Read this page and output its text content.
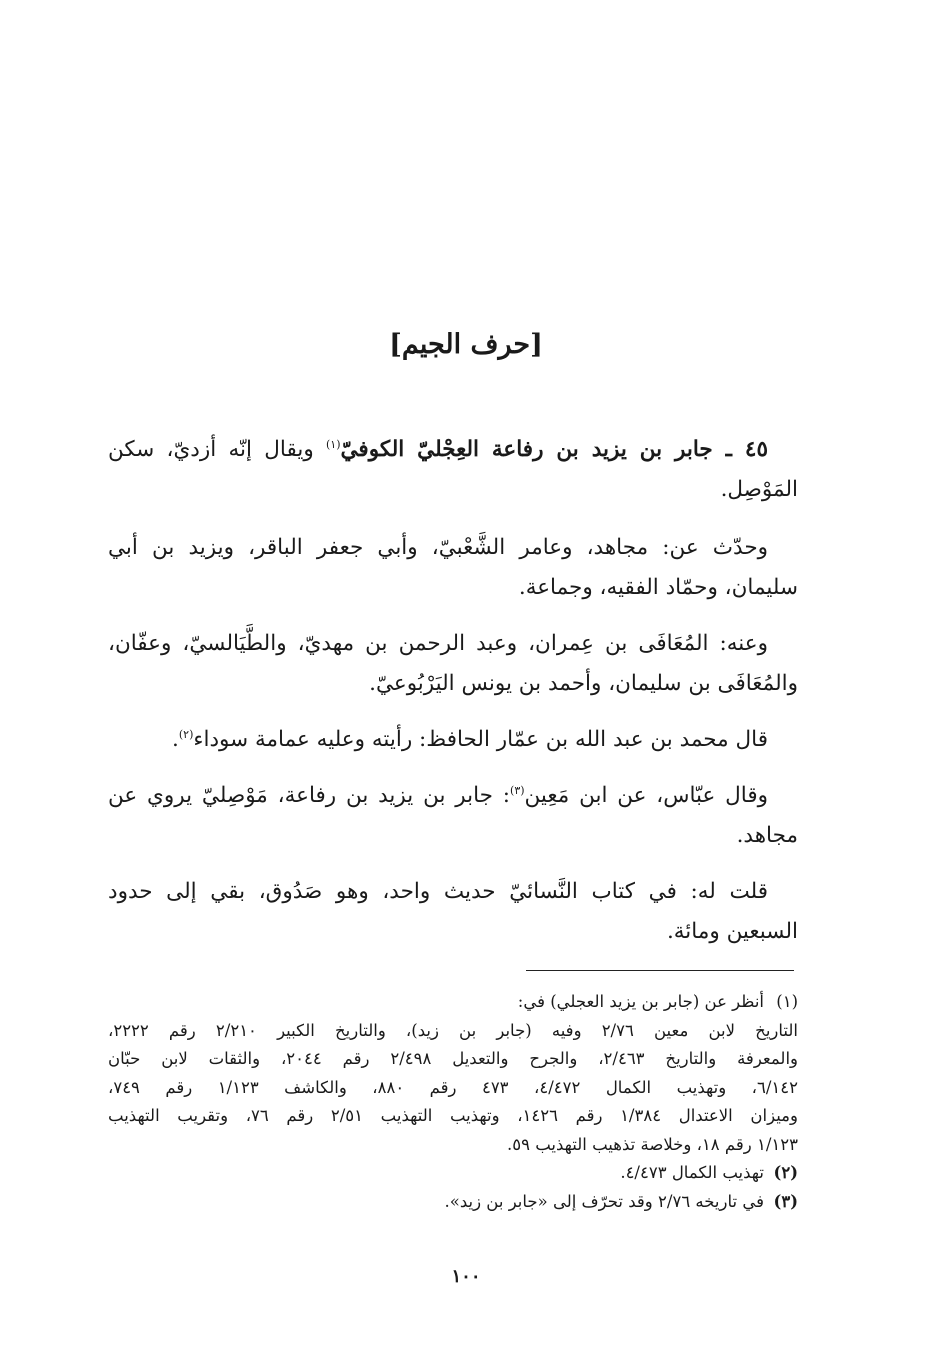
[حرف الجيم]

٤٥ ـ جابر بن يزيد بن رفاعة العِجْليّ الكوفيّ$^{(١)}$ ويقال إنّه أزديّ، سكن المَوْصِل.

وحدّث عن: مجاهد، وعامر الشَّعْبيّ، وأبي جعفر الباقر، ويزيد بن أبي سليمان، وحمّاد الفقيه، وجماعة.

وعنه: المُعَافَى بن عِمران، وعبد الرحمن بن مهديّ، والطَّيَالسيّ، وعفّان، والمُعَافَى بن سليمان، وأحمد بن يونس اليَرْبُوعيّ.

قال محمد بن عبد الله بن عمّار الحافظ: رأيته وعليه عمامة سوداء$^{(٢)}$.

وقال عبّاس، عن ابن مَعِين$^{(٣)}$: جابر بن يزيد بن رفاعة، مَوْصِليّ يروي عن مجاهد.

قلت له: في كتاب النَّسائيّ حديث واحد، وهو صَدُوق، بقي إلى حدود السبعين ومائة.

(١)
أنظر عن (جابر بن يزيد العجلي) في:
التاريخ لابن معين ٢/٧٦ وفيه (جابر بن زيد)، والتاريخ الكبير ٢/٢١٠ رقم ٢٢٢٢،
والمعرفة والتاريخ ٢/٤٦٣، والجرح والتعديل ٢/٤٩٨ رقم ٢٠٤٤، والثقات لابن حبّان
٦/١٤٢، وتهذيب الكمال ٤/٤٧٢، ٤٧٣ رقم ٨٨٠، والكاشف ١/١٢٣ رقم ٧٤٩،
وميزان الاعتدال ١/٣٨٤ رقم ١٤٢٦، وتهذيب التهذيب ٢/٥١ رقم ٧٦، وتقريب التهذيب
١/١٢٣ رقم ١٨، وخلاصة تذهيب التهذيب ٥٩.
(٢)
تهذيب الكمال ٤/٤٧٣.
(٣)
في تاريخه ٢/٧٦ وقد تحرّف إلى «جابر بن زيد».
١٠٠
